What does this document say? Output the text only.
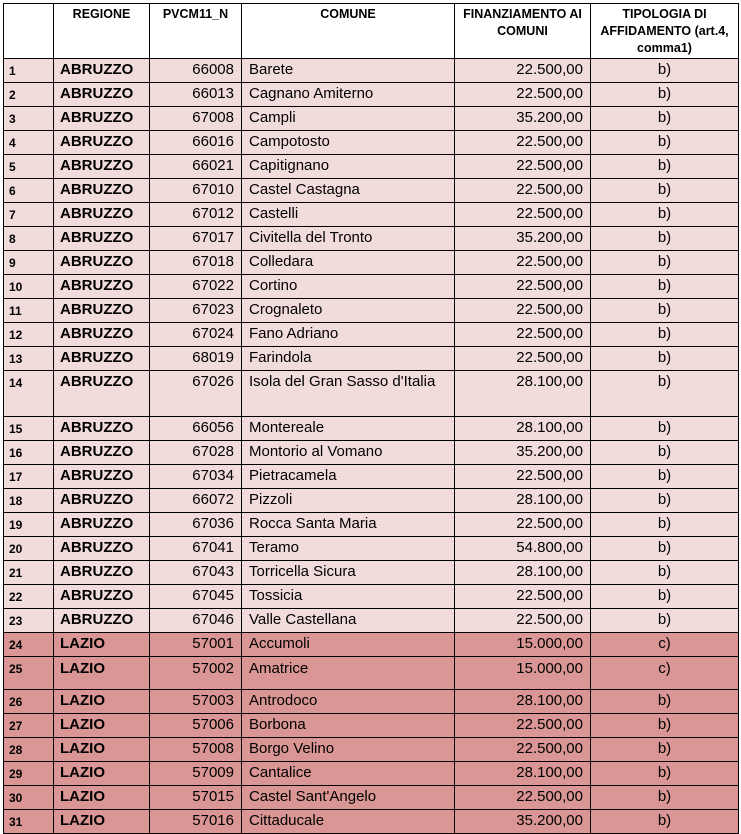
	REGIONE	PVCM11_N	COMUNE	FINANZIAMENTO AI COMUNI	TIPOLOGIA DI AFFIDAMENTO (art.4, comma1)
1	ABRUZZO	66008	Barete	22.500,00	b)
2	ABRUZZO	66013	Cagnano Amiterno	22.500,00	b)
3	ABRUZZO	67008	Campli	35.200,00	b)
4	ABRUZZO	66016	Campotosto	22.500,00	b)
5	ABRUZZO	66021	Capitignano	22.500,00	b)
6	ABRUZZO	67010	Castel Castagna	22.500,00	b)
7	ABRUZZO	67012	Castelli	22.500,00	b)
8	ABRUZZO	67017	Civitella del Tronto	35.200,00	b)
9	ABRUZZO	67018	Colledara	22.500,00	b)
10	ABRUZZO	67022	Cortino	22.500,00	b)
11	ABRUZZO	67023	Crognaleto	22.500,00	b)
12	ABRUZZO	67024	Fano Adriano	22.500,00	b)
13	ABRUZZO	68019	Farindola	22.500,00	b)
14	ABRUZZO	67026	Isola del Gran Sasso d'Italia	28.100,00	b)
15	ABRUZZO	66056	Montereale	28.100,00	b)
16	ABRUZZO	67028	Montorio al Vomano	35.200,00	b)
17	ABRUZZO	67034	Pietracamela	22.500,00	b)
18	ABRUZZO	66072	Pizzoli	28.100,00	b)
19	ABRUZZO	67036	Rocca Santa Maria	22.500,00	b)
20	ABRUZZO	67041	Teramo	54.800,00	b)
21	ABRUZZO	67043	Torricella Sicura	28.100,00	b)
22	ABRUZZO	67045	Tossicia	22.500,00	b)
23	ABRUZZO	67046	Valle Castellana	22.500,00	b)
24	LAZIO	57001	Accumoli	15.000,00	c)
25	LAZIO	57002	Amatrice	15.000,00	c)
26	LAZIO	57003	Antrodoco	28.100,00	b)
27	LAZIO	57006	Borbona	22.500,00	b)
28	LAZIO	57008	Borgo Velino	22.500,00	b)
29	LAZIO	57009	Cantalice	28.100,00	b)
30	LAZIO	57015	Castel Sant'Angelo	22.500,00	b)
31	LAZIO	57016	Cittaducale	35.200,00	b)
